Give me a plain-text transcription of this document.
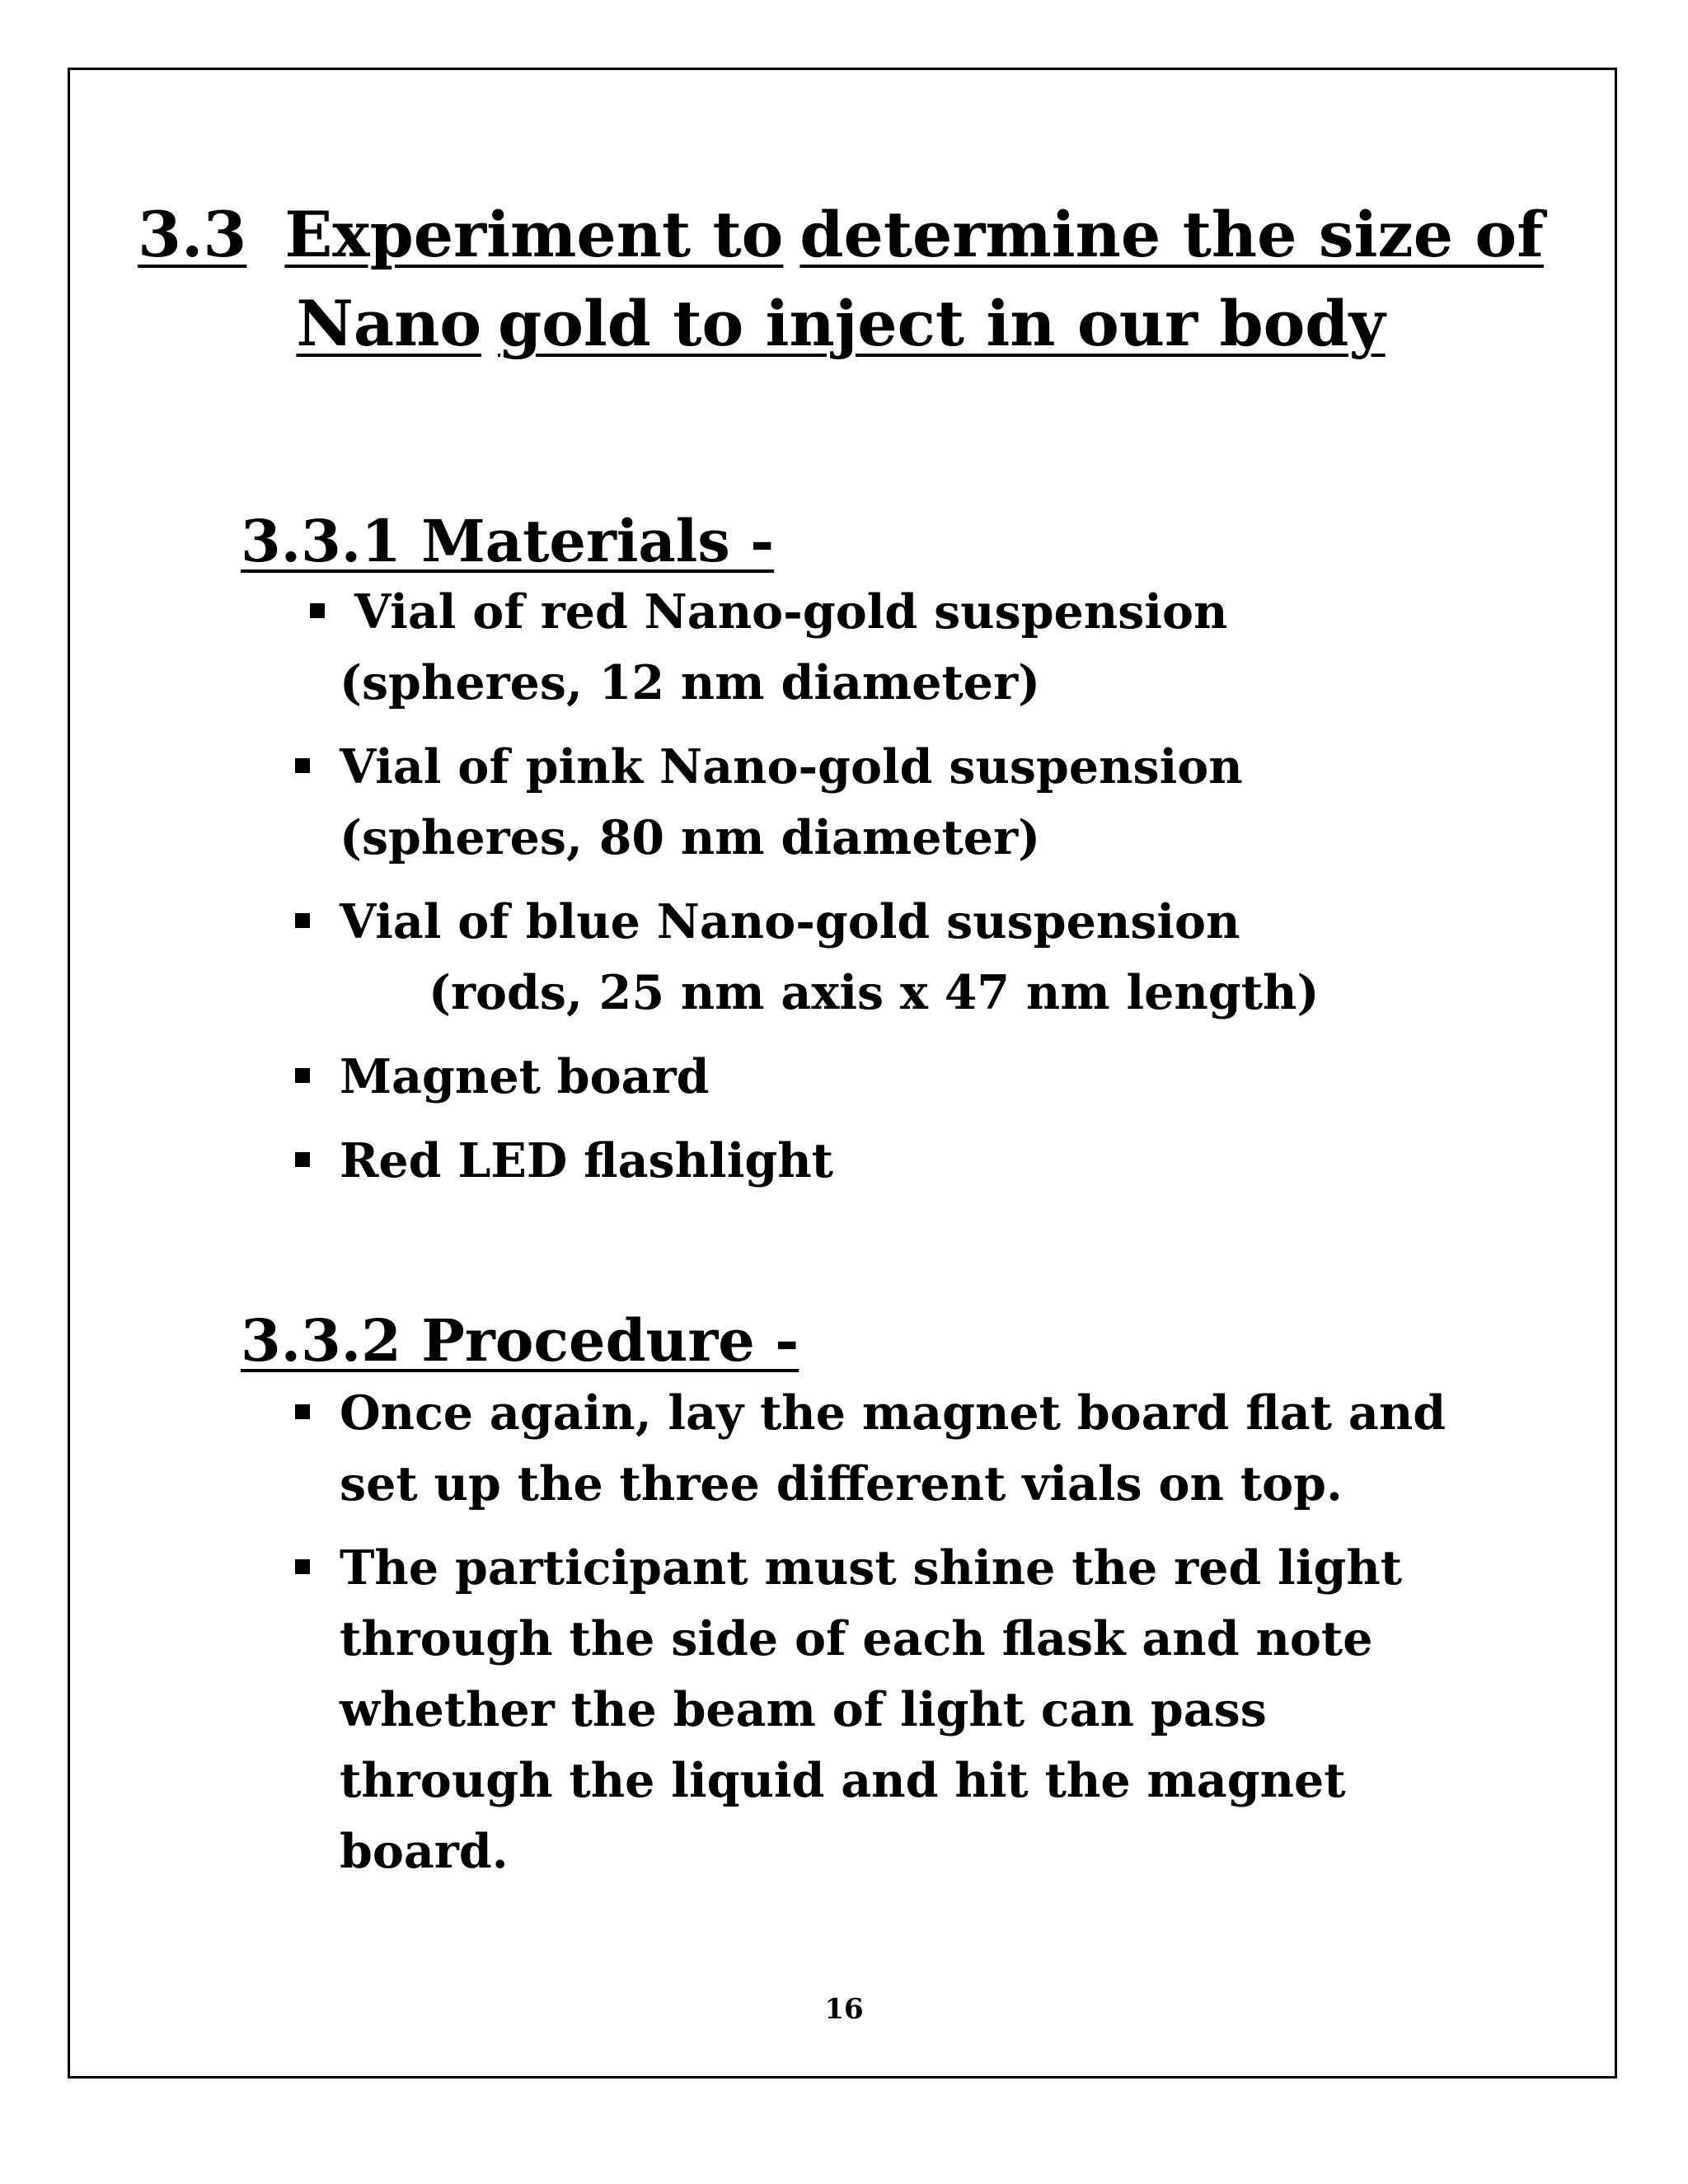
3.3 Experiment to determine the size of
Nano gold to inject in our body
3.3.1 Materials -
Vial of red Nano-gold suspension
(spheres, 12 nm diameter)
Vial of pink Nano-gold suspension
(spheres, 80 nm diameter)
Vial of blue Nano-gold suspension
(rods, 25 nm axis x 47 nm length)
Magnet board
Red LED flashlight
3.3.2 Procedure -
Once again, lay the magnet board flat and
set up the three different vials on top.
The participant must shine the red light
through the side of each flask and note
whether the beam of light can pass
through the liquid and hit the magnet
board.
16
